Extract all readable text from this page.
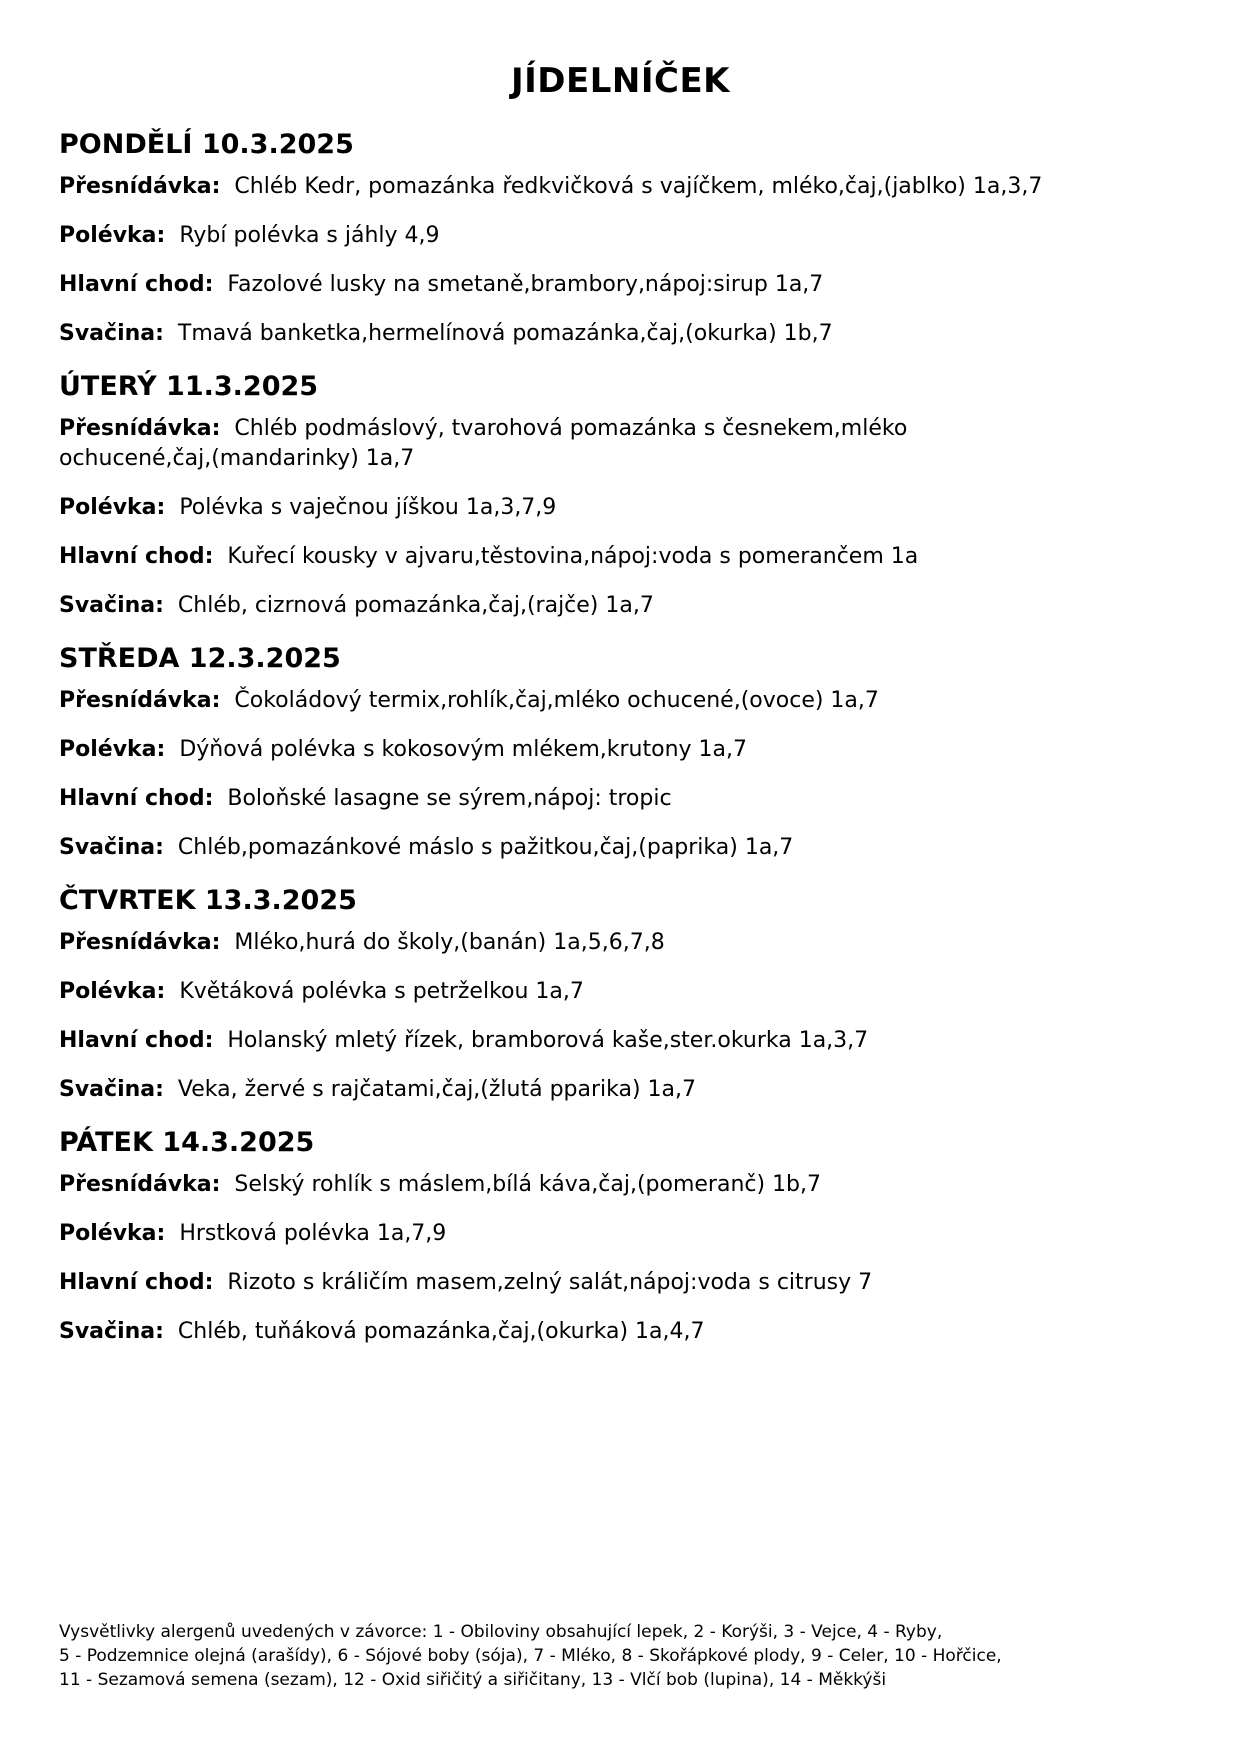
JÍDELNÍČEK
PONDĚLÍ 10.3.2025
Přesnídávka: Chléb Kedr, pomazánka ředkvičková s vajíčkem, mléko,čaj,(jablko) 1a,3,7
Polévka: Rybí polévka s jáhly 4,9
Hlavní chod: Fazolové lusky na smetaně,brambory,nápoj:sirup 1a,7
Svačina: Tmavá banketka,hermelínová pomazánka,čaj,(okurka) 1b,7
ÚTERÝ 11.3.2025
Přesnídávka: Chléb podmáslový, tvarohová pomazánka s česnekem,mléko ochucené,čaj,(mandarinky) 1a,7
Polévka: Polévka s vaječnou jíškou 1a,3,7,9
Hlavní chod: Kuřecí kousky v ajvaru,těstovina,nápoj:voda s pomerančem 1a
Svačina: Chléb, cizrnová pomazánka,čaj,(rajče) 1a,7
STŘEDA 12.3.2025
Přesnídávka: Čokoládový termix,rohlík,čaj,mléko ochucené,(ovoce) 1a,7
Polévka: Dýňová polévka s kokosovým mlékem,krutony 1a,7
Hlavní chod: Boloňské lasagne se sýrem,nápoj: tropic
Svačina: Chléb,pomazánkové máslo s pažitkou,čaj,(paprika) 1a,7
ČTVRTEK 13.3.2025
Přesnídávka: Mléko,hurá do školy,(banán) 1a,5,6,7,8
Polévka: Květáková polévka s petrželkou 1a,7
Hlavní chod: Holanský mletý řízek, bramborová kaše,ster.okurka 1a,3,7
Svačina: Veka, žervé s rajčatami,čaj,(žlutá pparika) 1a,7
PÁTEK 14.3.2025
Přesnídávka: Selský rohlík s máslem,bílá káva,čaj,(pomeranč) 1b,7
Polévka: Hrstková polévka 1a,7,9
Hlavní chod: Rizoto s králičím masem,zelný salát,nápoj:voda s citrusy 7
Svačina: Chléb, tuňáková pomazánka,čaj,(okurka) 1a,4,7
Vysvětlivky alergenů uvedených v závorce: 1 - Obiloviny obsahující lepek, 2 - Korýši, 3 - Vejce, 4 - Ryby,
5 - Podzemnice olejná (arašídy), 6 - Sójové boby (sója), 7 - Mléko, 8 - Skořápkové plody, 9 - Celer, 10 - Hořčice,
11 - Sezamová semena (sezam), 12 - Oxid siřičitý a siřičitany, 13 - Vlčí bob (lupina), 14 - Měkkýši
